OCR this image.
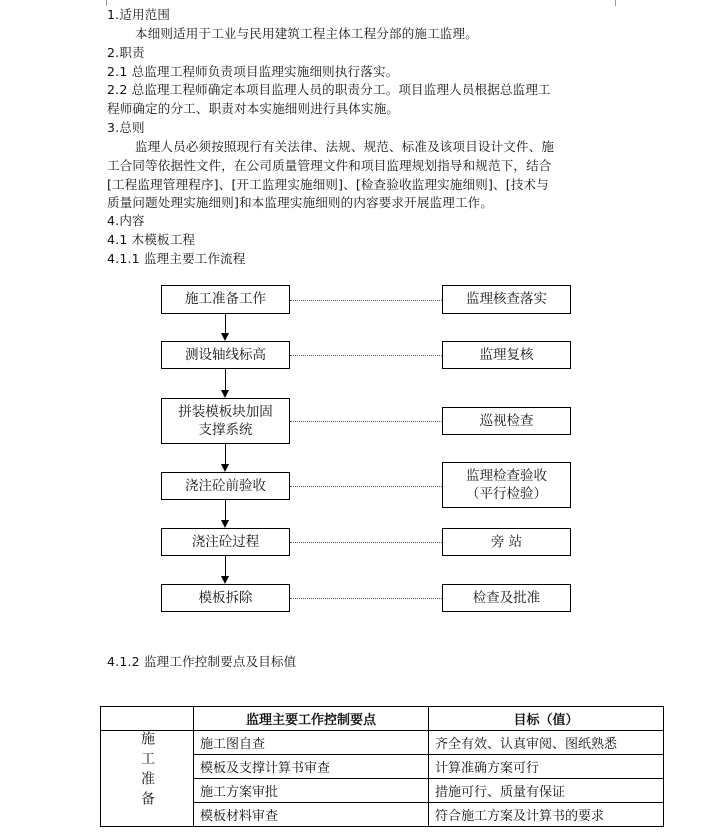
1.适用范围
本细则适用于工业与民用建筑工程主体工程分部的施工监理。
2.职责
2.1 总监理工程师负责项目监理实施细则执行落实。
2.2 总监理工程师确定本项目监理人员的职责分工。项目监理人员根据总监理工
程师确定的分工、职责对本实施细则进行具体实施。
3.总则
监理人员必须按照现行有关法律、法规、规范、标准及该项目设计文件、施
工合同等依据性文件，在公司质量管理文件和项目监理规划指导和规范下，结合
[工程监理管理程序]、[开工监理实施细则]、[检查验收监理实施细则]、[技术与
质量问题处理实施细则]和本监理实施细则的内容要求开展监理工作。
4.内容
4.1 木模板工程
4.1.1 监理主要工作流程
施工准备工作
测设轴线标高
拼装模板块加固
支撑系统
浇注砼前验收
浇注砼过程
模板拆除
监理核查落实
监理复核
巡视检查
监理检查验收
（平行检验）
旁 站
检查及批准
4.1.2 监理工作控制要点及目标值
	监理主要工作控制要点	目标（值）
施工准备	施工图自查	齐全有效、认真审阅、图纸熟悉
	模板及支撑计算书审查	计算准确方案可行
	施工方案审批	措施可行、质量有保证
	模板材料审查	符合施工方案及计算书的要求
